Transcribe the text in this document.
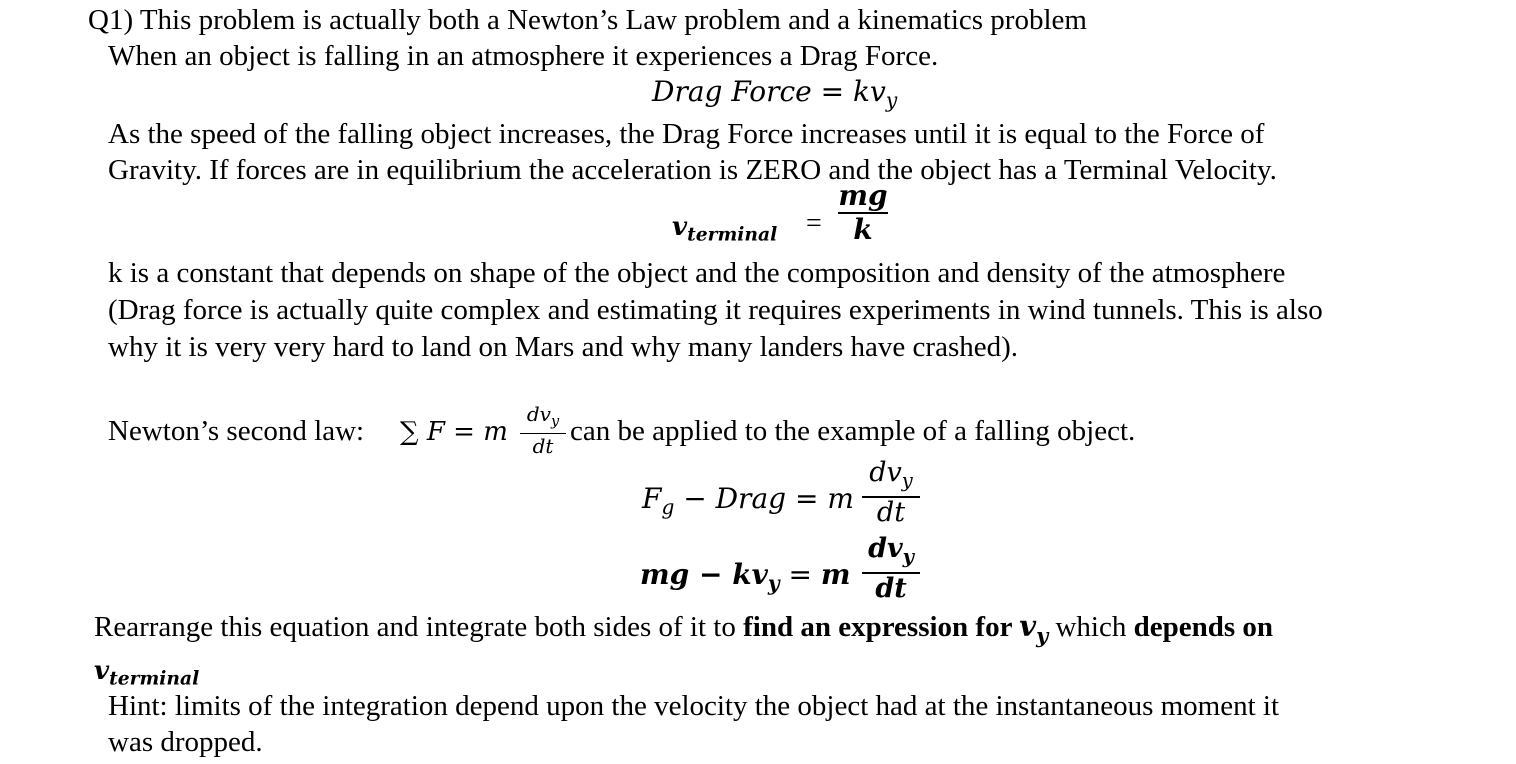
Q1) This problem is actually both a Newton’s Law problem and a kinematics problem
When an object is falling in an atmosphere it experiences a Drag Force.
Drag Force = $kv_y$
As the speed of the falling object increases, the Drag Force increases until it is equal to the Force of
Gravity. If forces are in equilibrium the acceleration is ZERO and the object has a Terminal Velocity.
$v_{terminal}$ =
mg
k
k is a constant that depends on shape of the object and the composition and density of the atmosphere
(Drag force is actually quite complex and estimating it requires experiments in wind tunnels. This is also
why it is very very hard to land on Mars and why many landers have crashed).
Newton’s second law: ∑ F = m
$dv_y$
dt can be applied to the example of a falling object.
$F_g$ − Drag = m
$dv_y$
dt
mg − $kv_y = m$
$dv_y$
dt
Rearrange this equation and integrate both sides of it to find an expression for $v_y$ which depends on
$v_{terminal}$
Hint: limits of the integration depend upon the velocity the object had at the instantaneous moment it
was dropped.
